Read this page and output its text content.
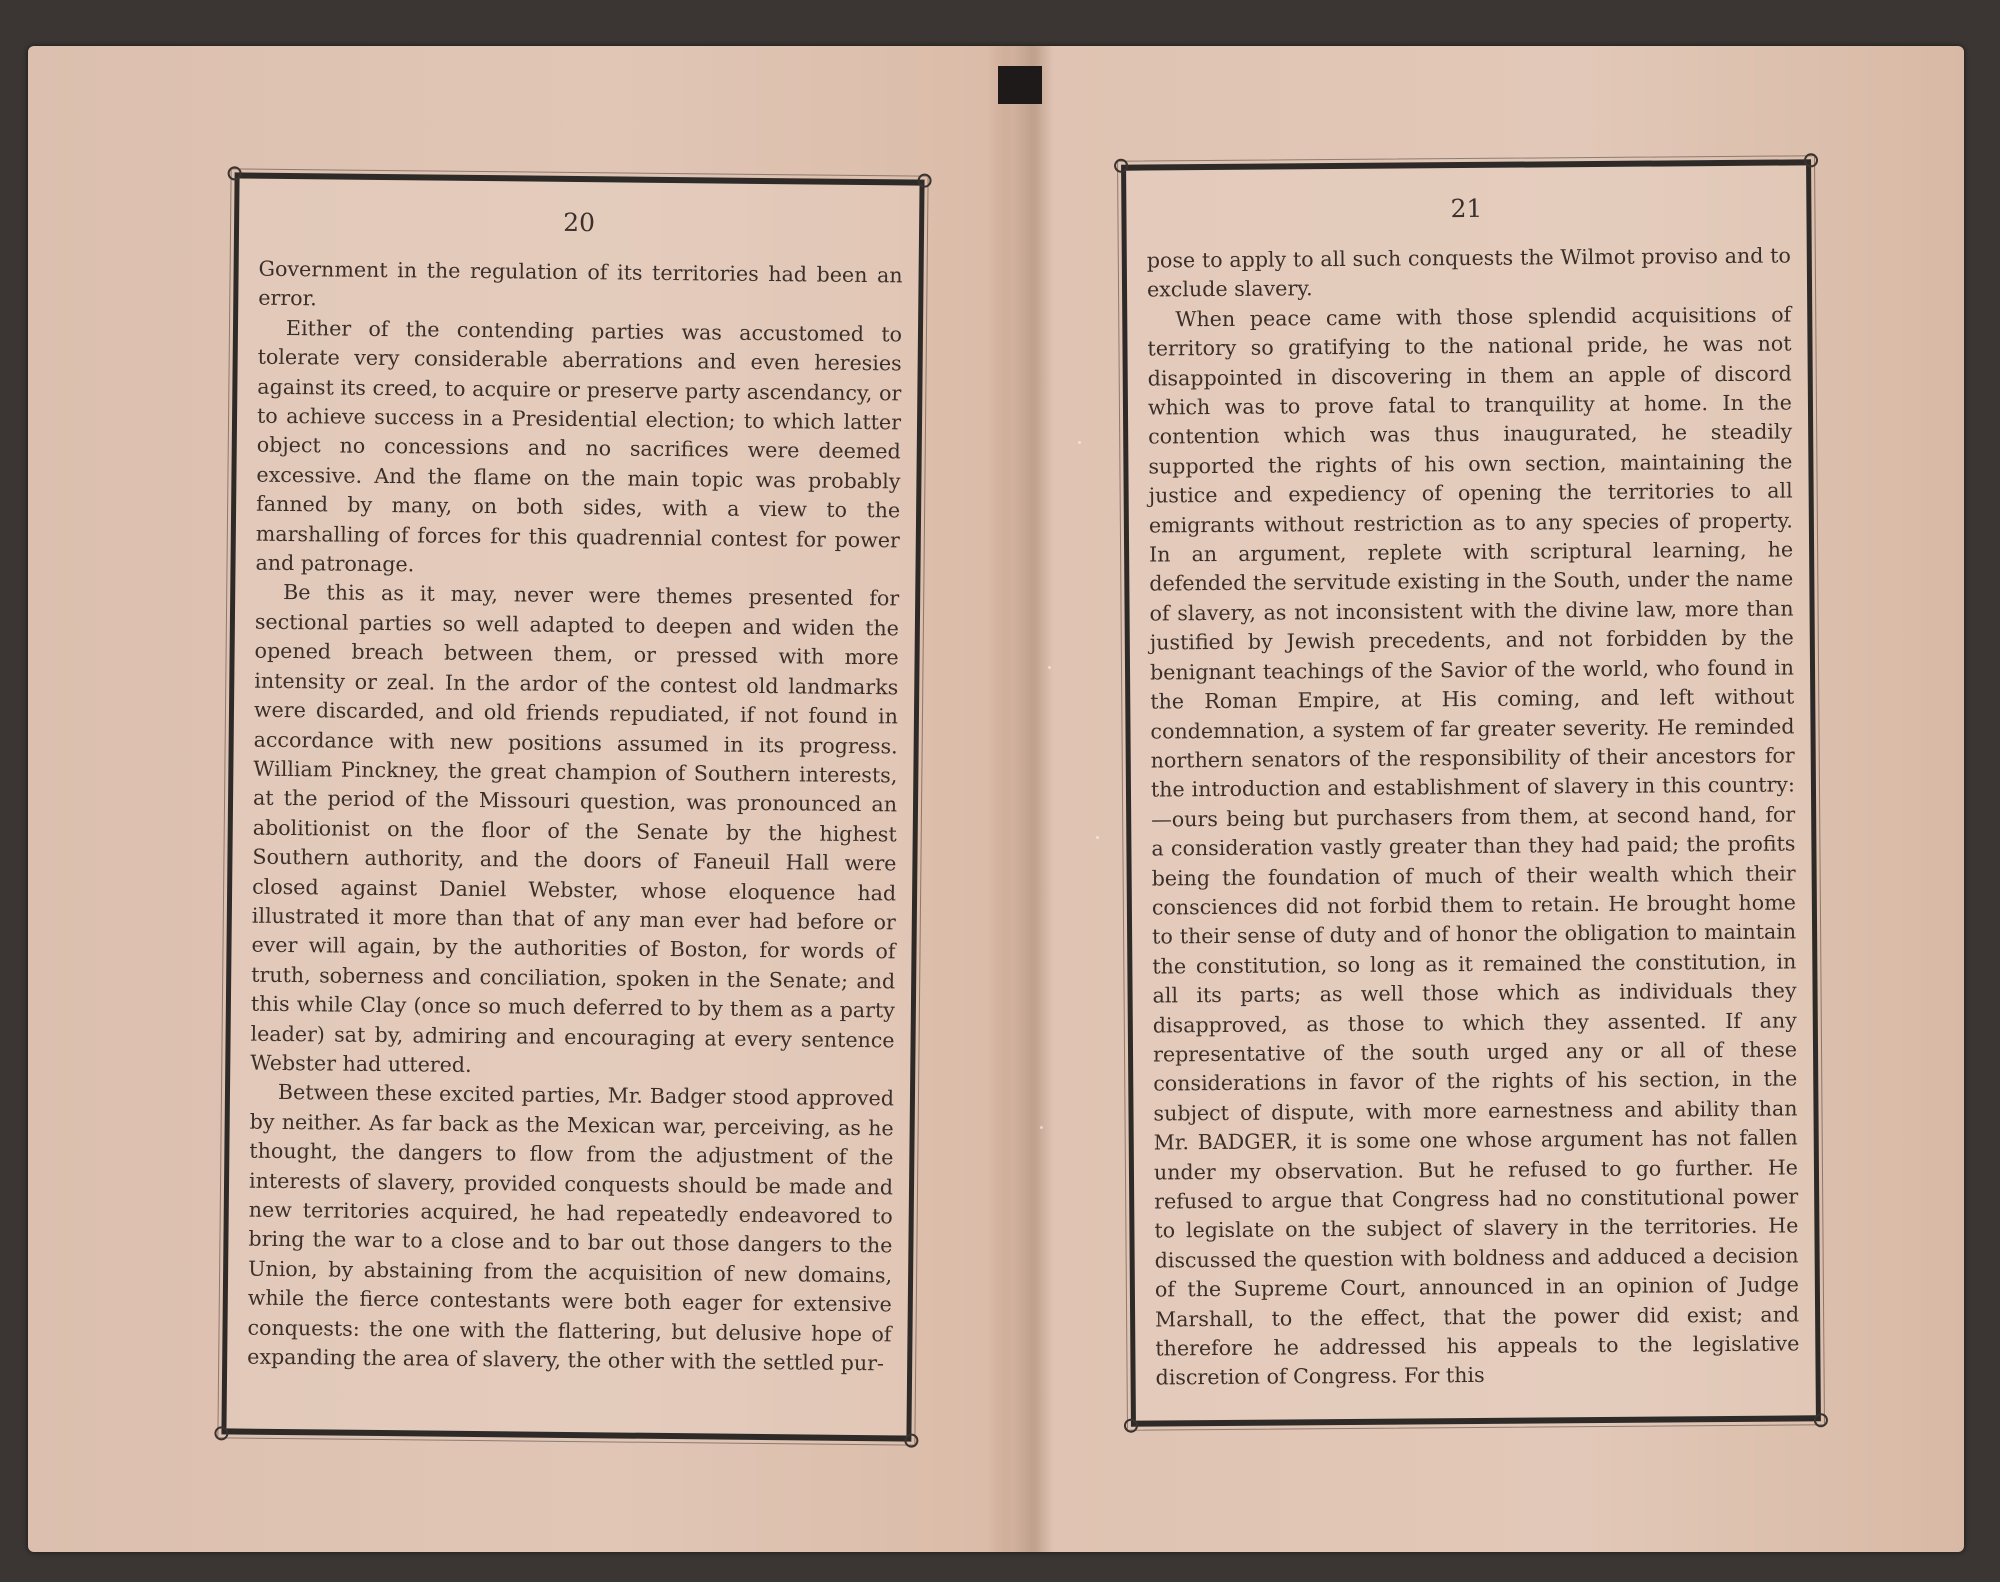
20

Government in the regulation of its territories had been an error.

Either of the contending parties was accustomed to tolerate very considerable aberrations and even heresies against its creed, to acquire or preserve party ascendancy, or to achieve success in a Presidential election; to which latter object no concessions and no sacrifices were deemed excessive. And the flame on the main topic was probably fanned by many, on both sides, with a view to the marshalling of forces for this quadrennial contest for power and patronage.

Be this as it may, never were themes presented for sectional parties so well adapted to deepen and widen the opened breach between them, or pressed with more intensity or zeal. In the ardor of the contest old landmarks were discarded, and old friends repudiated, if not found in accordance with new positions assumed in its progress. William Pinckney, the great champion of Southern interests, at the period of the Missouri question, was pronounced an abolitionist on the floor of the Senate by the highest Southern authority, and the doors of Faneuil Hall were closed against Daniel Webster, whose eloquence had illustrated it more than that of any man ever had before or ever will again, by the authorities of Boston, for words of truth, soberness and conciliation, spoken in the Senate; and this while Clay (once so much deferred to by them as a party leader) sat by, admiring and encouraging at every sentence Webster had uttered.

Between these excited parties, Mr. Badger stood approved by neither. As far back as the Mexican war, perceiving, as he thought, the dangers to flow from the adjustment of the interests of slavery, provided conquests should be made and new territories acquired, he had repeatedly endeavored to bring the war to a close and to bar out those dangers to the Union, by abstaining from the acquisition of new domains, while the fierce contestants were both eager for extensive conquests: the one with the flattering, but delusive hope of expanding the area of slavery, the other with the settled pur-

21

pose to apply to all such conquests the Wilmot proviso and to exclude slavery.

When peace came with those splendid acquisitions of territory so gratifying to the national pride, he was not disappointed in discovering in them an apple of discord which was to prove fatal to tranquility at home. In the contention which was thus inaugurated, he steadily supported the rights of his own section, maintaining the justice and expediency of opening the territories to all emigrants without restriction as to any species of property. In an argument, replete with scriptural learning, he defended the servitude existing in the South, under the name of slavery, as not inconsistent with the divine law, more than justified by Jewish precedents, and not forbidden by the benignant teachings of the Savior of the world, who found in the Roman Empire, at His coming, and left without condemnation, a system of far greater severity. He reminded northern senators of the responsibility of their ancestors for the introduction and establishment of slavery in this country:—ours being but purchasers from them, at second hand, for a consideration vastly greater than they had paid; the profits being the foundation of much of their wealth which their consciences did not forbid them to retain. He brought home to their sense of duty and of honor the obligation to maintain the constitution, so long as it remained the constitution, in all its parts; as well those which as individuals they disapproved, as those to which they assented. If any representative of the south urged any or all of these considerations in favor of the rights of his section, in the subject of dispute, with more earnestness and ability than Mr. BADGER, it is some one whose argument has not fallen under my observation. But he refused to go further. He refused to argue that Congress had no constitutional power to legislate on the subject of slavery in the territories. He discussed the question with boldness and adduced a decision of the Supreme Court, announced in an opinion of Judge Marshall, to the effect, that the power did exist; and therefore he addressed his appeals to the legislative discretion of Congress. For this
